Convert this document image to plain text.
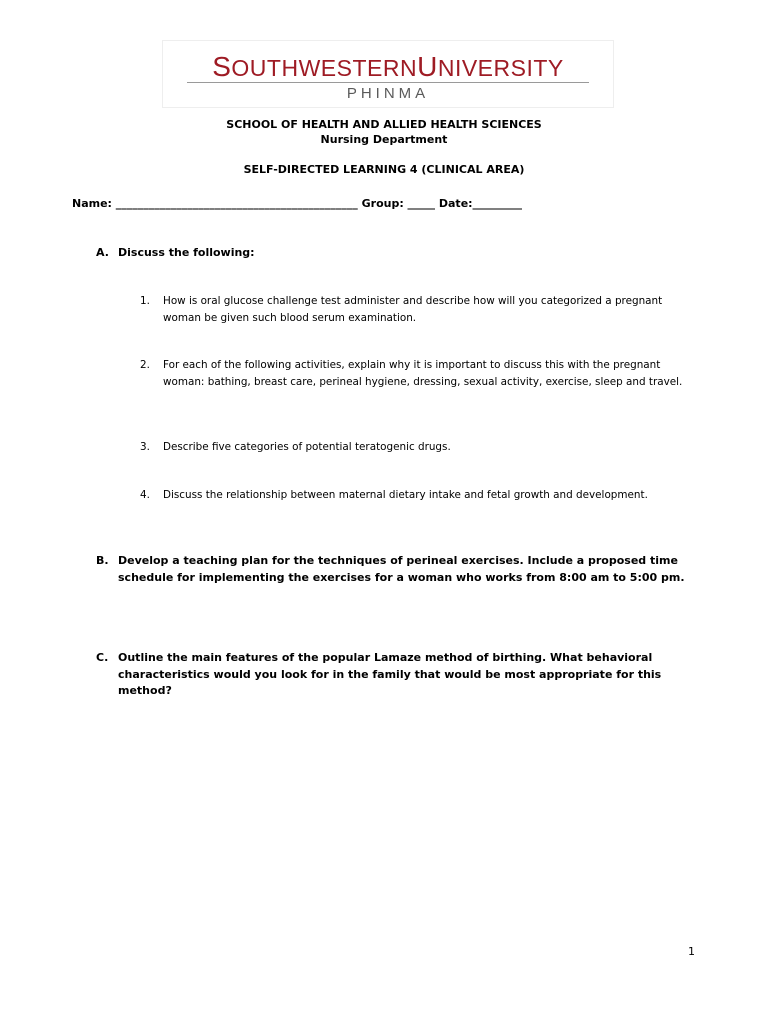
SOUTHWESTERNUNIVERSITY
PHINMA
SCHOOL OF HEALTH AND ALLIED HEALTH SCIENCES
Nursing Department
SELF-DIRECTED LEARNING 4 (CLINICAL AREA)
Name: ____________________________________________ Group: _____ Date:_________
A. Discuss the following:
1. How is oral glucose challenge test administer and describe how will you categorized a pregnant woman be given such blood serum examination.
2. For each of the following activities, explain why it is important to discuss this with the pregnant woman: bathing, breast care, perineal hygiene, dressing, sexual activity, exercise, sleep and travel.
3. Describe five categories of potential teratogenic drugs.
4. Discuss the relationship between maternal dietary intake and fetal growth and development.
B. Develop a teaching plan for the techniques of perineal exercises. Include a proposed time schedule for implementing the exercises for a woman who works from 8:00 am to 5:00 pm.
C. Outline the main features of the popular Lamaze method of birthing. What behavioral characteristics would you look for in the family that would be most appropriate for this method?
1
